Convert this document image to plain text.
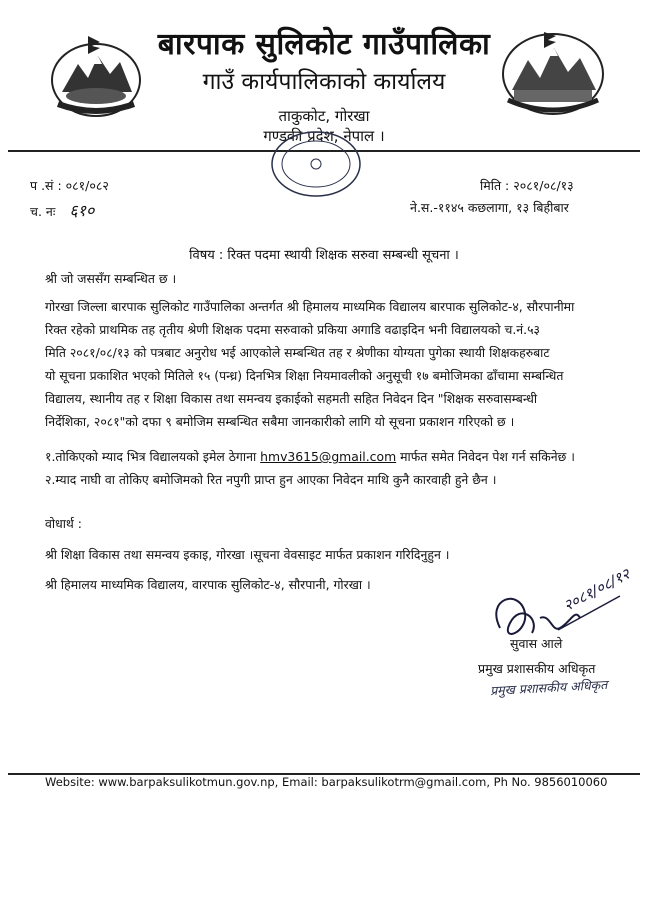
बारपाक सुलिकोट गाउँपालिका
गाउँ कार्यपालिकाको कार्यालय
ताकुकोट, गोरखा
गण्डकी प्रदेश, नेपाल ।
प .सं : ०८१/०८२
च. नः ६१०
मिति : २०८१/०८/१३
ने.स.-११४५ कछलागा, १३ बिहीबार
विषय : रिक्त पदमा स्थायी शिक्षक सरुवा सम्बन्धी सूचना ।
श्री जो जससँग सम्बन्धित छ ।
गोरखा जिल्ला बारपाक सुलिकोट गाउँपालिका अन्तर्गत श्री हिमालय माध्यमिक विद्यालय बारपाक सुलिकोट-४, सौरपानीमा
रिक्त रहेको प्राथमिक तह तृतीय श्रेणी शिक्षक पदमा सरुवाको प्रकिया अगाडि वढाइदिन भनी विद्यालयको च.नं.५३
मिति २०८१/०८/१३ को पत्रबाट अनुरोध भई आएकोले सम्बन्धित तह र श्रेणीका योग्यता पुगेका स्थायी शिक्षकहरुबाट
यो सूचना प्रकाशित भएको मितिले १५ (पन्ध्र) दिनभित्र शिक्षा नियमावलीको अनुसूची १७ बमोजिमका ढाँचामा सम्बन्धित
विद्यालय, स्थानीय तह र शिक्षा विकास तथा समन्वय इकाईको सहमती सहित निवेदन दिन "शिक्षक सरुवासम्बन्धी
निर्देशिका, २०८१"को दफा ९ बमोजिम सम्बन्धित सबैमा जानकारीको लागि यो सूचना प्रकाशन गरिएको छ ।
१.तोकिएको म्याद भित्र विद्यालयको इमेल ठेगाना hmv3615@gmail.com मार्फत समेत निवेदन पेश गर्न सकिनेछ ।
२.म्याद नाघी वा तोकिए बमोजिमको रित नपुगी प्राप्त हुन आएका निवेदन माथि कुनै कारवाही हुने छैन ।
वोधार्थ :
श्री शिक्षा विकास तथा समन्वय इकाइ, गोरखा ।सूचना वेवसाइट मार्फत प्रकाशन गरिदिनुहुन ।
श्री हिमालय माध्यमिक विद्यालय, वारपाक सुलिकोट-४, सौरपानी, गोरखा ।	२०८१/०८/१२
सुवास आले
प्रमुख प्रशासकीय अधिकृत
प्रमुख प्रशासकीय अधिकृत
Website: www.barpaksulikotmun.gov.np, Email: barpaksulikotrm@gmail.com, Ph No. 9856010060
